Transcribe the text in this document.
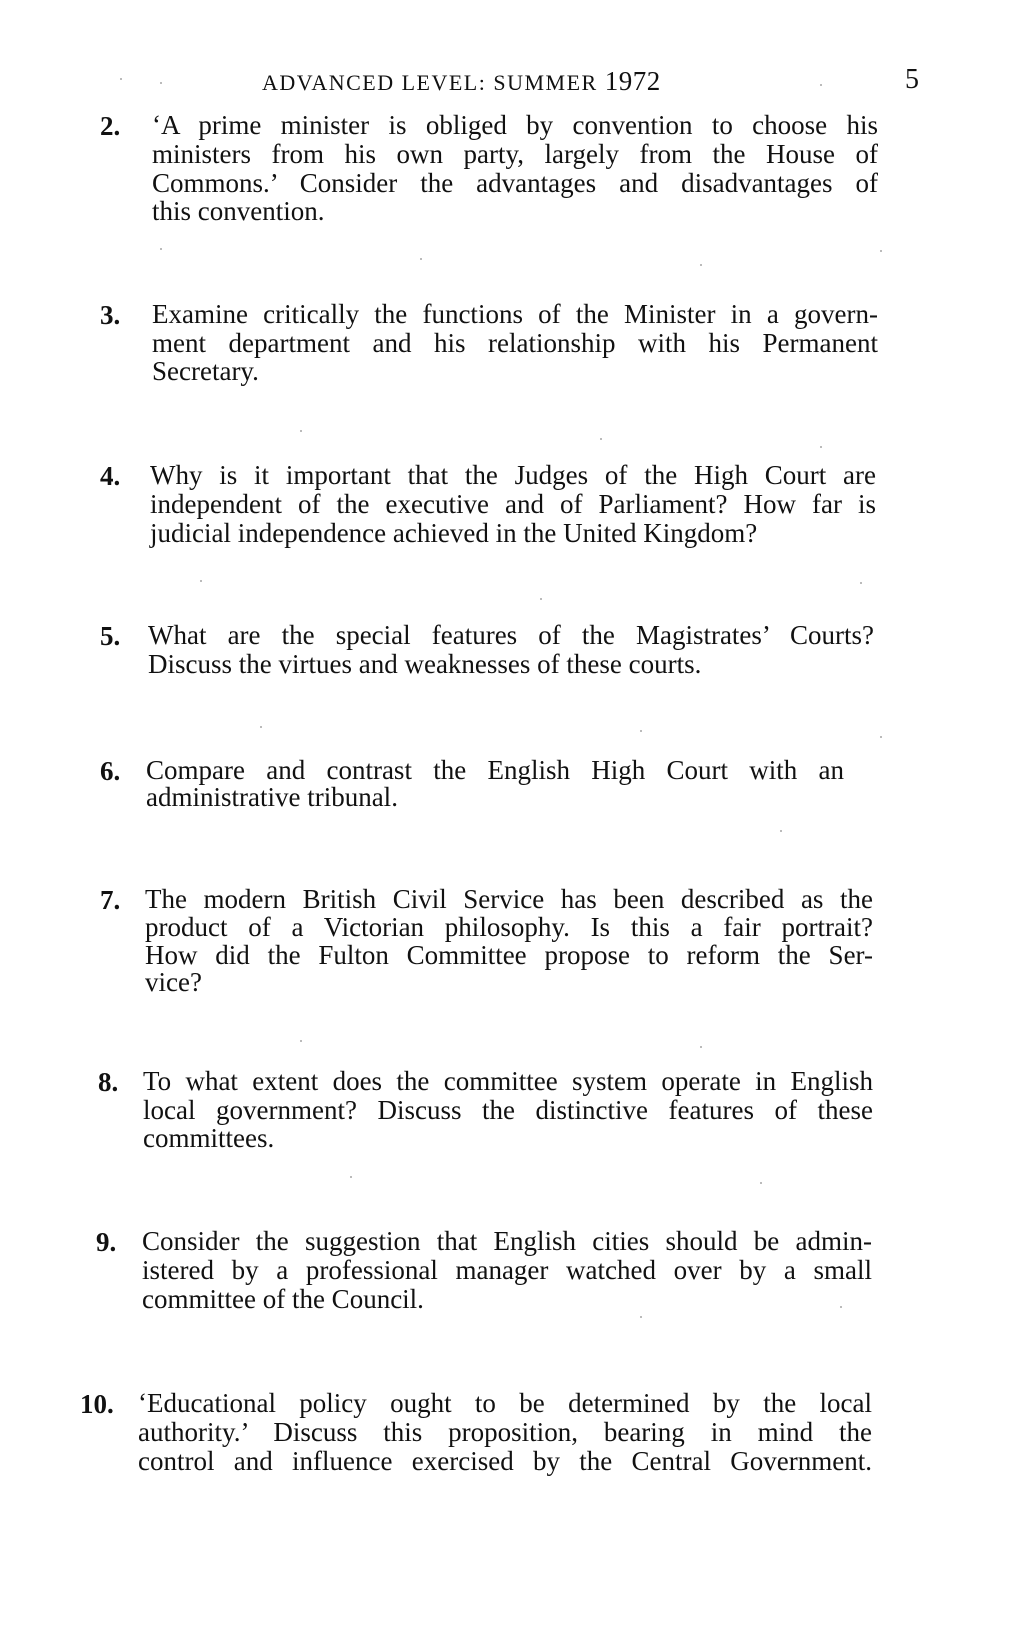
ADVANCED LEVEL: SUMMER 1972	5
2. ‘A prime minister is obliged by convention to choose his
ministers from his own party, largely from the House of
Commons.’ Consider the advantages and disadvantages of
this convention.
3. Examine critically the functions of the Minister in a govern-
ment department and his relationship with his Permanent
Secretary.
4. Why is it important that the Judges of the High Court are
independent of the executive and of Parliament? How far is
judicial independence achieved in the United Kingdom?
5. What are the special features of the Magistrates’ Courts?
Discuss the virtues and weaknesses of these courts.
6. Compare and contrast the English High Court with an
administrative tribunal.
7. The modern British Civil Service has been described as the
product of a Victorian philosophy. Is this a fair portrait?
How did the Fulton Committee propose to reform the Ser-
vice?
8. To what extent does the committee system operate in English
local government? Discuss the distinctive features of these
committees.
9. Consider the suggestion that English cities should be admin-
istered by a professional manager watched over by a small
committee of the Council.
10. ‘Educational policy ought to be determined by the local
authority.’ Discuss this proposition, bearing in mind the
control and influence exercised by the Central Government.
